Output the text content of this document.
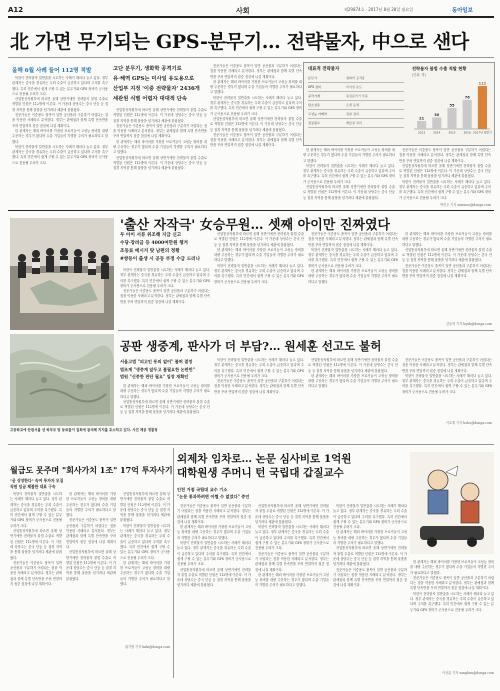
A12	사회	제29874호 · 2017년 8월 28일 월요일	동아일보
北 가면 무기되는 GPS-분무기… 전략물자, 中으로 샌다
올해 6월 사례 들어 112명 적발

북한이 전략물자 밀반출을 시도하는 사례가 해마다 늘고 있다. 정부 관계자는 중국을 경유하는 우회 수출이 급증하고 있다며 주의를 촉구했다. 특히 민간에서 쉽게 구할 수 있는 분무기와 GPS 장비가 군사용으로 전용될 우려가 크다.

산업통상자원부에 따르면 올해 상반기에만 전략물자 불법 수출로 적발된 인원은 112명에 이른다. 이 가운데 상당수는 중국 단둥 등 접경 지역을 통해 물품을 넘기려다 세관에 붙잡혔다.

전문가들은 이중용도 품목이 일반 공산품과 구분하기 어렵다는 점을 악용한 사례라고 분석한다. 정부는 관세청과 함께 특별 단속반을 꾸려 연말까지 집중 점검에 나설 계획이다.

한 관계자는 해외 바이어를 가장한 브로커들이 고성능 장비를 대량 주문하는 경우가 많다며 수출 기업들의 각별한 주의가 필요하다고 말했다.

북한이 전략물자 밀반출을 시도하는 사례가 해마다 늘고 있다. 정부 관계자는 중국을 경유하는 우회 수출이 급증하고 있다며 주의를 촉구했다. 특히 민간에서 쉽게 구할 수 있는 분무기와 GPS 장비가 군사용으로 전용될 우려가 크다.

고단 분무기, 생화학 공격기로
유·해역 GPS는 미사일 유도용으로
산업부 지정 '이중 전략물자' 2436개
세관원 식별 어렵자 대대적 단속

산업통상자원부에 따르면 올해 상반기에만 전략물자 불법 수출로 적발된 인원은 112명에 이른다. 이 가운데 상당수는 중국 단둥 등 접경 지역을 통해 물품을 넘기려다 세관에 붙잡혔다.

전문가들은 이중용도 품목이 일반 공산품과 구분하기 어렵다는 점을 악용한 사례라고 분석한다. 정부는 관세청과 함께 특별 단속반을 꾸려 연말까지 집중 점검에 나설 계획이다.

한 관계자는 해외 바이어를 가장한 브로커들이 고성능 장비를 대량 주문하는 경우가 많다며 수출 기업들의 각별한 주의가 필요하다고 말했다.

산업통상자원부에 따르면 올해 상반기에만 전략물자 불법 수출로 적발된 인원은 112명에 이른다. 이 가운데 상당수는 중국 단둥 등 접경 지역을 통해 물품을 넘기려다 세관에 붙잡혔다.

전문가들은 이중용도 품목이 일반 공산품과 구분하기 어렵다는 점을 악용한 사례라고 분석한다. 정부는 관세청과 함께 특별 단속반을 꾸려 연말까지 집중 점검에 나설 계획이다.

한 관계자는 해외 바이어를 가장한 브로커들이 고성능 장비를 대량 주문하는 경우가 많다며 수출 기업들의 각별한 주의가 필요하다고 말했다.

북한이 전략물자 밀반출을 시도하는 사례가 해마다 늘고 있다. 정부 관계자는 중국을 경유하는 우회 수출이 급증하고 있다며 주의를 촉구했다. 특히 민간에서 쉽게 구할 수 있는 분무기와 GPS 장비가 군사용으로 전용될 우려가 크다.

산업통상자원부에 따르면 올해 상반기에만 전략물자 불법 수출로 적발된 인원은 112명에 이른다. 이 가운데 상당수는 중국 단둥 등 접경 지역을 통해 물품을 넘기려다 세관에 붙잡혔다.

전문가들은 이중용도 품목이 일반 공산품과 구분하기 어렵다는 점을 악용한 사례라고 분석한다. 정부는 관세청과 함께 특별 단속반을 꾸려 연말까지 집중 점검에 나설 계획이다.

대표적 전략물자
분무기	생화학 공격용
GPS 장비	미사일 유도
공작기계	원심분리기 부품
탄소섬유	로켓 동체
고성능 카메라	정찰 장비
진공펌프	핵물질 처리
전략물자 불법 수출 적발 현황
(단위: 명)
21
2013
30
2014
55
2015
76
2016
112
2017년 상반기

한 관계자는 해외 바이어를 가장한 브로커들이 고성능 장비를 대량 주문하는 경우가 많다며 수출 기업들의 각별한 주의가 필요하다고 말했다.

북한이 전략물자 밀반출을 시도하는 사례가 해마다 늘고 있다. 정부 관계자는 중국을 경유하는 우회 수출이 급증하고 있다며 주의를 촉구했다. 특히 민간에서 쉽게 구할 수 있는 분무기와 GPS 장비가 군사용으로 전용될 우려가 크다.

산업통상자원부에 따르면 올해 상반기에만 전략물자 불법 수출로 적발된 인원은 112명에 이른다. 이 가운데 상당수는 중국 단둥 등 접경 지역을 통해 물품을 넘기려다 세관에 붙잡혔다.

전문가들은 이중용도 품목이 일반 공산품과 구분하기 어렵다는 점을 악용한 사례라고 분석한다. 정부는 관세청과 함께 특별 단속반을 꾸려 연말까지 집중 점검에 나설 계획이다.

산업통상자원부에 따르면 올해 상반기에만 전략물자 불법 수출로 적발된 인원은 112명에 이른다. 이 가운데 상당수는 중국 단둥 등 접경 지역을 통해 물품을 넘기려다 세관에 붙잡혔다.

북한이 전략물자 밀반출을 시도하는 사례가 해마다 늘고 있다. 정부 관계자는 중국을 경유하는 우회 수출이 급증하고 있다며 주의를 촉구했다. 특히 민간에서 쉽게 구할 수 있는 분무기와 GPS 장비가 군사용으로 전용될 우려가 크다.

박민우 기자 minwoo@donga.com
'출산 자작극' 女승무원… 셋째 아이만 진짜였다
두 아이 서류 위조해 지급 신고
수당·장려금 등 4000여만원 챙겨
조동료 메시지 탓 남편의 정황
#쌍둥이 출생 시 공동 부정 수급 드러나

북한이 전략물자 밀반출을 시도하는 사례가 해마다 늘고 있다. 정부 관계자는 중국을 경유하는 우회 수출이 급증하고 있다며 주의를 촉구했다. 특히 민간에서 쉽게 구할 수 있는 분무기와 GPS 장비가 군사용으로 전용될 우려가 크다.

전문가들은 이중용도 품목이 일반 공산품과 구분하기 어렵다는 점을 악용한 사례라고 분석한다. 정부는 관세청과 함께 특별 단속반을 꾸려 연말까지 집중 점검에 나설 계획이다.

산업통상자원부에 따르면 올해 상반기에만 전략물자 불법 수출로 적발된 인원은 112명에 이른다. 이 가운데 상당수는 중국 단둥 등 접경 지역을 통해 물품을 넘기려다 세관에 붙잡혔다.

한 관계자는 해외 바이어를 가장한 브로커들이 고성능 장비를 대량 주문하는 경우가 많다며 수출 기업들의 각별한 주의가 필요하다고 말했다.

북한이 전략물자 밀반출을 시도하는 사례가 해마다 늘고 있다. 정부 관계자는 중국을 경유하는 우회 수출이 급증하고 있다며 주의를 촉구했다. 특히 민간에서 쉽게 구할 수 있는 분무기와 GPS 장비가 군사용으로 전용될 우려가 크다.

전문가들은 이중용도 품목이 일반 공산품과 구분하기 어렵다는 점을 악용한 사례라고 분석한다. 정부는 관세청과 함께 특별 단속반을 꾸려 연말까지 집중 점검에 나설 계획이다.

북한이 전략물자 밀반출을 시도하는 사례가 해마다 늘고 있다. 정부 관계자는 중국을 경유하는 우회 수출이 급증하고 있다며 주의를 촉구했다. 특히 민간에서 쉽게 구할 수 있는 분무기와 GPS 장비가 군사용으로 전용될 우려가 크다.

한 관계자는 해외 바이어를 가장한 브로커들이 고성능 장비를 대량 주문하는 경우가 많다며 수출 기업들의 각별한 주의가 필요하다고 말했다.

한 관계자는 해외 바이어를 가장한 브로커들이 고성능 장비를 대량 주문하는 경우가 많다며 수출 기업들의 각별한 주의가 필요하다고 말했다.

산업통상자원부에 따르면 올해 상반기에만 전략물자 불법 수출로 적발된 인원은 112명에 이른다. 이 가운데 상당수는 중국 단둥 등 접경 지역을 통해 물품을 넘기려다 세관에 붙잡혔다.

전문가들은 이중용도 품목이 일반 공산품과 구분하기 어렵다는 점을 악용한 사례라고 분석한다. 정부는 관세청과 함께 특별 단속반을 꾸려 연말까지 집중 점검에 나설 계획이다.

김동혁 기자 hyuk@donga.com
고등학교에 탄원서를 낸 학부모 및 동료들이 집회에 참석해 지지를 호소하고 있다. 사진 제공 경찰청
공판 생중계, 판사가 더 부담?… 원세훈 선고도 불허
서울고법 "피고인 동의 없어" 불허 결정
법조계 "생중계 앞두고 불필요한 논란만"
법원 "신중한 판단 필요" 입장 재확인

한 관계자는 해외 바이어를 가장한 브로커들이 고성능 장비를 대량 주문하는 경우가 많다며 수출 기업들의 각별한 주의가 필요하다고 말했다.

산업통상자원부에 따르면 올해 상반기에만 전략물자 불법 수출로 적발된 인원은 112명에 이른다. 이 가운데 상당수는 중국 단둥 등 접경 지역을 통해 물품을 넘기려다 세관에 붙잡혔다.

북한이 전략물자 밀반출을 시도하는 사례가 해마다 늘고 있다. 정부 관계자는 중국을 경유하는 우회 수출이 급증하고 있다며 주의를 촉구했다. 특히 민간에서 쉽게 구할 수 있는 분무기와 GPS 장비가 군사용으로 전용될 우려가 크다.

전문가들은 이중용도 품목이 일반 공산품과 구분하기 어렵다는 점을 악용한 사례라고 분석한다. 정부는 관세청과 함께 특별 단속반을 꾸려 연말까지 집중 점검에 나설 계획이다.

산업통상자원부에 따르면 올해 상반기에만 전략물자 불법 수출로 적발된 인원은 112명에 이른다. 이 가운데 상당수는 중국 단둥 등 접경 지역을 통해 물품을 넘기려다 세관에 붙잡혔다.

한 관계자는 해외 바이어를 가장한 브로커들이 고성능 장비를 대량 주문하는 경우가 많다며 수출 기업들의 각별한 주의가 필요하다고 말했다.

전문가들은 이중용도 품목이 일반 공산품과 구분하기 어렵다는 점을 악용한 사례라고 분석한다. 정부는 관세청과 함께 특별 단속반을 꾸려 연말까지 집중 점검에 나설 계획이다.

북한이 전략물자 밀반출을 시도하는 사례가 해마다 늘고 있다. 정부 관계자는 중국을 경유하는 우회 수출이 급증하고 있다며 주의를 촉구했다. 특히 민간에서 쉽게 구할 수 있는 분무기와 GPS 장비가 군사용으로 전용될 우려가 크다.

이호재 기자 hoho@donga.com
월급도 못주며 "회사가치 1조" 17억 투자사기
"곧 상장한다" 속여 투자자 모집
직원 임금 체불한 대표 구속

북한이 전략물자 밀반출을 시도하는 사례가 해마다 늘고 있다. 정부 관계자는 중국을 경유하는 우회 수출이 급증하고 있다며 주의를 촉구했다. 특히 민간에서 쉽게 구할 수 있는 분무기와 GPS 장비가 군사용으로 전용될 우려가 크다.

산업통상자원부에 따르면 올해 상반기에만 전략물자 불법 수출로 적발된 인원은 112명에 이른다. 이 가운데 상당수는 중국 단둥 등 접경 지역을 통해 물품을 넘기려다 세관에 붙잡혔다.

전문가들은 이중용도 품목이 일반 공산품과 구분하기 어렵다는 점을 악용한 사례라고 분석한다. 정부는 관세청과 함께 특별 단속반을 꾸려 연말까지 집중 점검에 나설 계획이다.

한 관계자는 해외 바이어를 가장한 브로커들이 고성능 장비를 대량 주문하는 경우가 많다며 수출 기업들의 각별한 주의가 필요하다고 말했다.

전문가들은 이중용도 품목이 일반 공산품과 구분하기 어렵다는 점을 악용한 사례라고 분석한다. 정부는 관세청과 함께 특별 단속반을 꾸려 연말까지 집중 점검에 나설 계획이다.

산업통상자원부에 따르면 올해 상반기에만 전략물자 불법 수출로 적발된 인원은 112명에 이른다. 이 가운데 상당수는 중국 단둥 등 접경 지역을 통해 물품을 넘기려다 세관에 붙잡혔다.

산업통상자원부에 따르면 올해 상반기에만 전략물자 불법 수출로 적발된 인원은 112명에 이른다. 이 가운데 상당수는 중국 단둥 등 접경 지역을 통해 물품을 넘기려다 세관에 붙잡혔다.

북한이 전략물자 밀반출을 시도하는 사례가 해마다 늘고 있다. 정부 관계자는 중국을 경유하는 우회 수출이 급증하고 있다며 주의를 촉구했다. 특히 민간에서 쉽게 구할 수 있는 분무기와 GPS 장비가 군사용으로 전용될 우려가 크다.

한 관계자는 해외 바이어를 가장한 브로커들이 고성능 장비를 대량 주문하는 경우가 많다며 수출 기업들의 각별한 주의가 필요하다고 말했다.

권기범 기자 kaki@donga.com
외제차 임차로… 논문 심사비로 1억원
대학원생 주머니 턴 국립대 갑질교수
인천 거점 국립대 교수 기소
"논문 통과하려면 어쩔 수 없었다" 증언

전문가들은 이중용도 품목이 일반 공산품과 구분하기 어렵다는 점을 악용한 사례라고 분석한다. 정부는 관세청과 함께 특별 단속반을 꾸려 연말까지 집중 점검에 나설 계획이다.

한 관계자는 해외 바이어를 가장한 브로커들이 고성능 장비를 대량 주문하는 경우가 많다며 수출 기업들의 각별한 주의가 필요하다고 말했다.

북한이 전략물자 밀반출을 시도하는 사례가 해마다 늘고 있다. 정부 관계자는 중국을 경유하는 우회 수출이 급증하고 있다며 주의를 촉구했다. 특히 민간에서 쉽게 구할 수 있는 분무기와 GPS 장비가 군사용으로 전용될 우려가 크다.

산업통상자원부에 따르면 올해 상반기에만 전략물자 불법 수출로 적발된 인원은 112명에 이른다. 이 가운데 상당수는 중국 단둥 등 접경 지역을 통해 물품을 넘기려다 세관에 붙잡혔다.

산업통상자원부에 따르면 올해 상반기에만 전략물자 불법 수출로 적발된 인원은 112명에 이른다. 이 가운데 상당수는 중국 단둥 등 접경 지역을 통해 물품을 넘기려다 세관에 붙잡혔다.

북한이 전략물자 밀반출을 시도하는 사례가 해마다 늘고 있다. 정부 관계자는 중국을 경유하는 우회 수출이 급증하고 있다며 주의를 촉구했다. 특히 민간에서 쉽게 구할 수 있는 분무기와 GPS 장비가 군사용으로 전용될 우려가 크다.

전문가들은 이중용도 품목이 일반 공산품과 구분하기 어렵다는 점을 악용한 사례라고 분석한다. 정부는 관세청과 함께 특별 단속반을 꾸려 연말까지 집중 점검에 나설 계획이다.

한 관계자는 해외 바이어를 가장한 브로커들이 고성능 장비를 대량 주문하는 경우가 많다며 수출 기업들의 각별한 주의가 필요하다고 말했다.

북한이 전략물자 밀반출을 시도하는 사례가 해마다 늘고 있다. 정부 관계자는 중국을 경유하는 우회 수출이 급증하고 있다며 주의를 촉구했다. 특히 민간에서 쉽게 구할 수 있는 분무기와 GPS 장비가 군사용으로 전용될 우려가 크다.

한 관계자는 해외 바이어를 가장한 브로커들이 고성능 장비를 대량 주문하는 경우가 많다며 수출 기업들의 각별한 주의가 필요하다고 말했다.

산업통상자원부에 따르면 올해 상반기에만 전략물자 불법 수출로 적발된 인원은 112명에 이른다. 이 가운데 상당수는 중국 단둥 등 접경 지역을 통해 물품을 넘기려다 세관에 붙잡혔다.

전문가들은 이중용도 품목이 일반 공산품과 구분하기 어렵다는 점을 악용한 사례라고 분석한다. 정부는 관세청과 함께 특별 단속반을 꾸려 연말까지 집중 점검에 나설 계획이다.

한 관계자는 해외 바이어를 가장한 브로커들이 고성능 장비를 대량 주문하는 경우가 많다며 수출 기업들의 각별한 주의가 필요하다고 말했다.

전문가들은 이중용도 품목이 일반 공산품과 구분하기 어렵다는 점을 악용한 사례라고 분석한다. 정부는 관세청과 함께 특별 단속반을 꾸려 연말까지 집중 점검에 나설 계획이다.

북한이 전략물자 밀반출을 시도하는 사례가 해마다 늘고 있다. 정부 관계자는 중국을 경유하는 우회 수출이 급증하고 있다며 주의를 촉구했다. 특히 민간에서 쉽게 구할 수 있는 분무기와 GPS 장비가 군사용으로 전용될 우려가 크다.

이상훈 기자 sanghun@donga.com
